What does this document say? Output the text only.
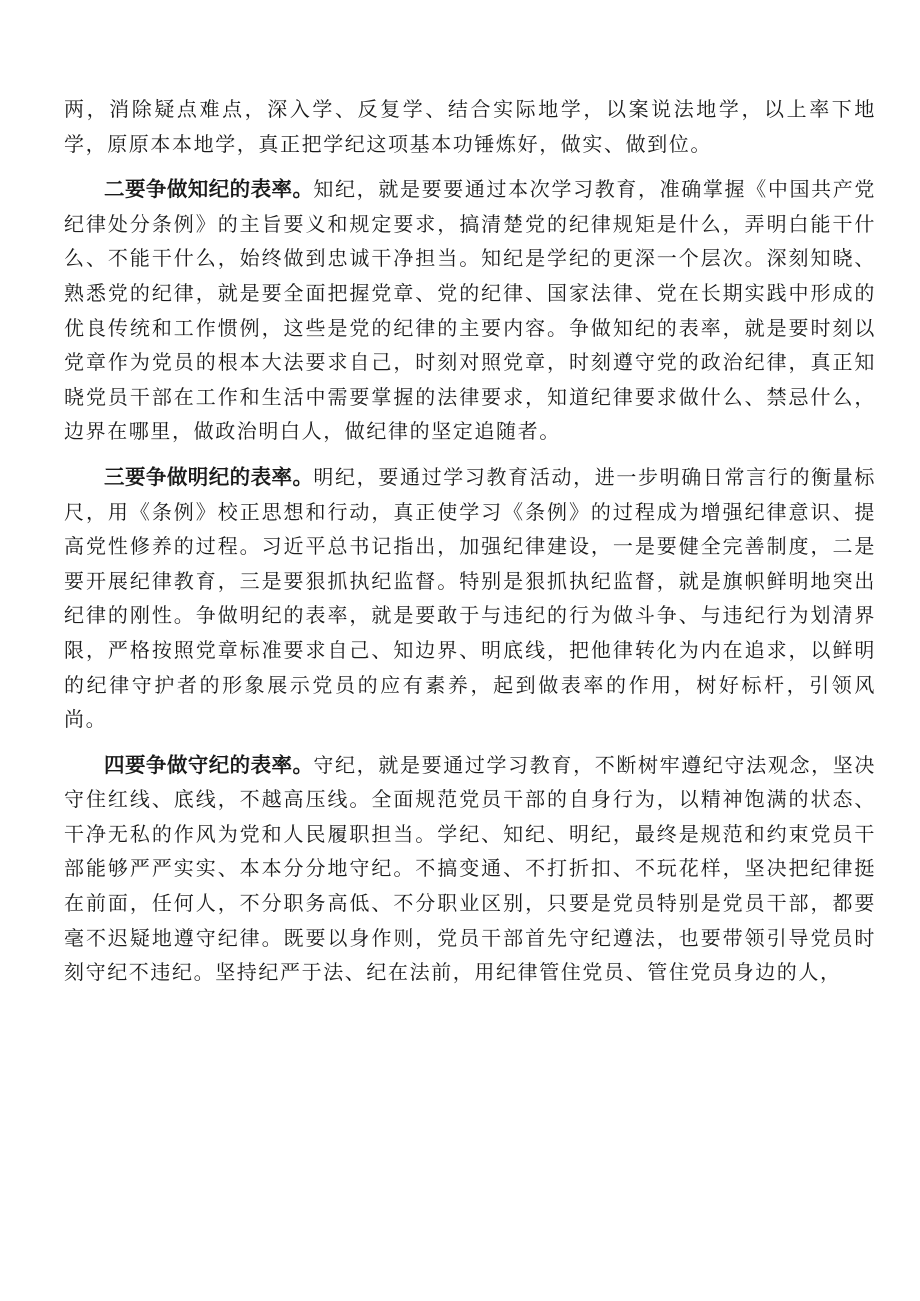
两，消除疑点难点，深入学、反复学、结合实际地学，以案说法地学，以上率下地学，原原本本地学，真正把学纪这项基本功锤炼好，做实、做到位。

二要争做知纪的表率。知纪，就是要要通过本次学习教育，准确掌握《中国共产党纪律处分条例》的主旨要义和规定要求，搞清楚党的纪律规矩是什么，弄明白能干什么、不能干什么，始终做到忠诚干净担当。知纪是学纪的更深一个层次。深刻知晓、熟悉党的纪律，就是要全面把握党章、党的纪律、国家法律、党在长期实践中形成的优良传统和工作惯例，这些是党的纪律的主要内容。争做知纪的表率，就是要时刻以党章作为党员的根本大法要求自己，时刻对照党章，时刻遵守党的政治纪律，真正知晓党员干部在工作和生活中需要掌握的法律要求，知道纪律要求做什么、禁忌什么，边界在哪里，做政治明白人，做纪律的坚定追随者。

三要争做明纪的表率。明纪，要通过学习教育活动，进一步明确日常言行的衡量标尺，用《条例》校正思想和行动，真正使学习《条例》的过程成为增强纪律意识、提高党性修养的过程。习近平总书记指出，加强纪律建设，一是要健全完善制度，二是要开展纪律教育，三是要狠抓执纪监督。特别是狠抓执纪监督，就是旗帜鲜明地突出纪律的刚性。争做明纪的表率，就是要敢于与违纪的行为做斗争、与违纪行为划清界限，严格按照党章标准要求自己、知边界、明底线，把他律转化为内在追求，以鲜明的纪律守护者的形象展示党员的应有素养，起到做表率的作用，树好标杆，引领风尚。

四要争做守纪的表率。守纪，就是要通过学习教育，不断树牢遵纪守法观念，坚决守住红线、底线，不越高压线。全面规范党员干部的自身行为，以精神饱满的状态、干净无私的作风为党和人民履职担当。学纪、知纪、明纪，最终是规范和约束党员干部能够严严实实、本本分分地守纪。不搞变通、不打折扣、不玩花样，坚决把纪律挺在前面，任何人，不分职务高低、不分职业区别，只要是党员特别是党员干部，都要毫不迟疑地遵守纪律。既要以身作则，党员干部首先守纪遵法，也要带领引导党员时刻守纪不违纪。坚持纪严于法、纪在法前，用纪律管住党员、管住党员身边的人，
